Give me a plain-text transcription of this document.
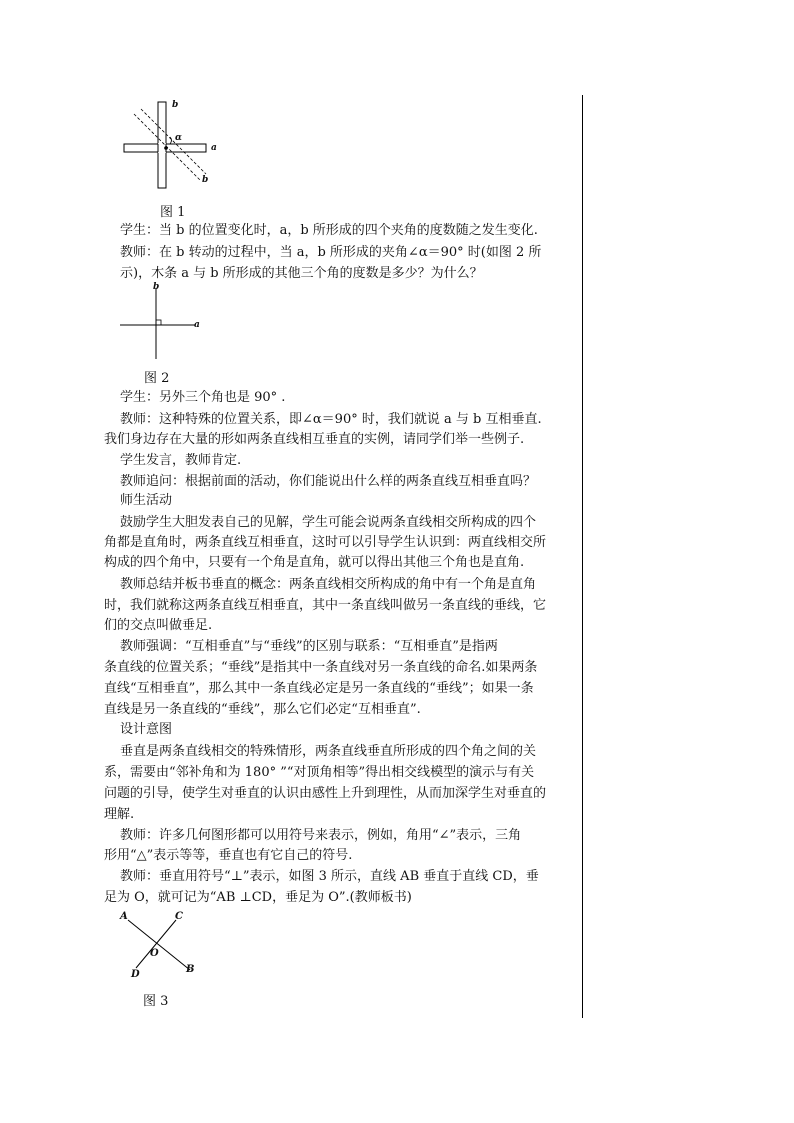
b
a
α
b
图 1
学生：当 b 的位置变化时，a，b 所形成的四个夹角的度数随之发生变化.
教师：在 b 转动的过程中，当 a，b 所形成的夹角∠α＝90° 时(如图 2 所
示)，木条 a 与 b 所形成的其他三个角的度数是多少？为什么？
b
a
图 2
学生：另外三个角也是 90° .
教师：这种特殊的位置关系，即∠α＝90° 时，我们就说 a 与 b 互相垂直.
我们身边存在大量的形如两条直线相互垂直的实例，请同学们举一些例子.
学生发言，教师肯定.
教师追问：根据前面的活动，你们能说出什么样的两条直线互相垂直吗？
师生活动
鼓励学生大胆发表自己的见解，学生可能会说两条直线相交所构成的四个
角都是直角时，两条直线互相垂直，这时可以引导学生认识到：两直线相交所
构成的四个角中，只要有一个角是直角，就可以得出其他三个角也是直角.
教师总结并板书垂直的概念：两条直线相交所构成的角中有一个角是直角
时，我们就称这两条直线互相垂直，其中一条直线叫做另一条直线的垂线，它
们的交点叫做垂足.
教师强调：“互相垂直”与“垂线”的区别与联系：“互相垂直”是指两
条直线的位置关系；“垂线”是指其中一条直线对另一条直线的命名.如果两条
直线“互相垂直”，那么其中一条直线必定是另一条直线的“垂线”；如果一条
直线是另一条直线的“垂线”，那么它们必定“互相垂直”.
设计意图
垂直是两条直线相交的特殊情形，两条直线垂直所形成的四个角之间的关
系，需要由“邻补角和为 180° ”“对顶角相等”得出相交线模型的演示与有关
问题的引导，使学生对垂直的认识由感性上升到理性，从而加深学生对垂直的
理解.
教师：许多几何图形都可以用符号来表示，例如，角用“∠”表示，三角
形用“△”表示等等，垂直也有它自己的符号.
教师：垂直用符号“⊥”表示，如图 3 所示，直线 AB 垂直于直线 CD，垂
足为 O，就可记为“AB ⊥CD，垂足为 O”.(教师板书)
A	C
O
D	B
图 3
